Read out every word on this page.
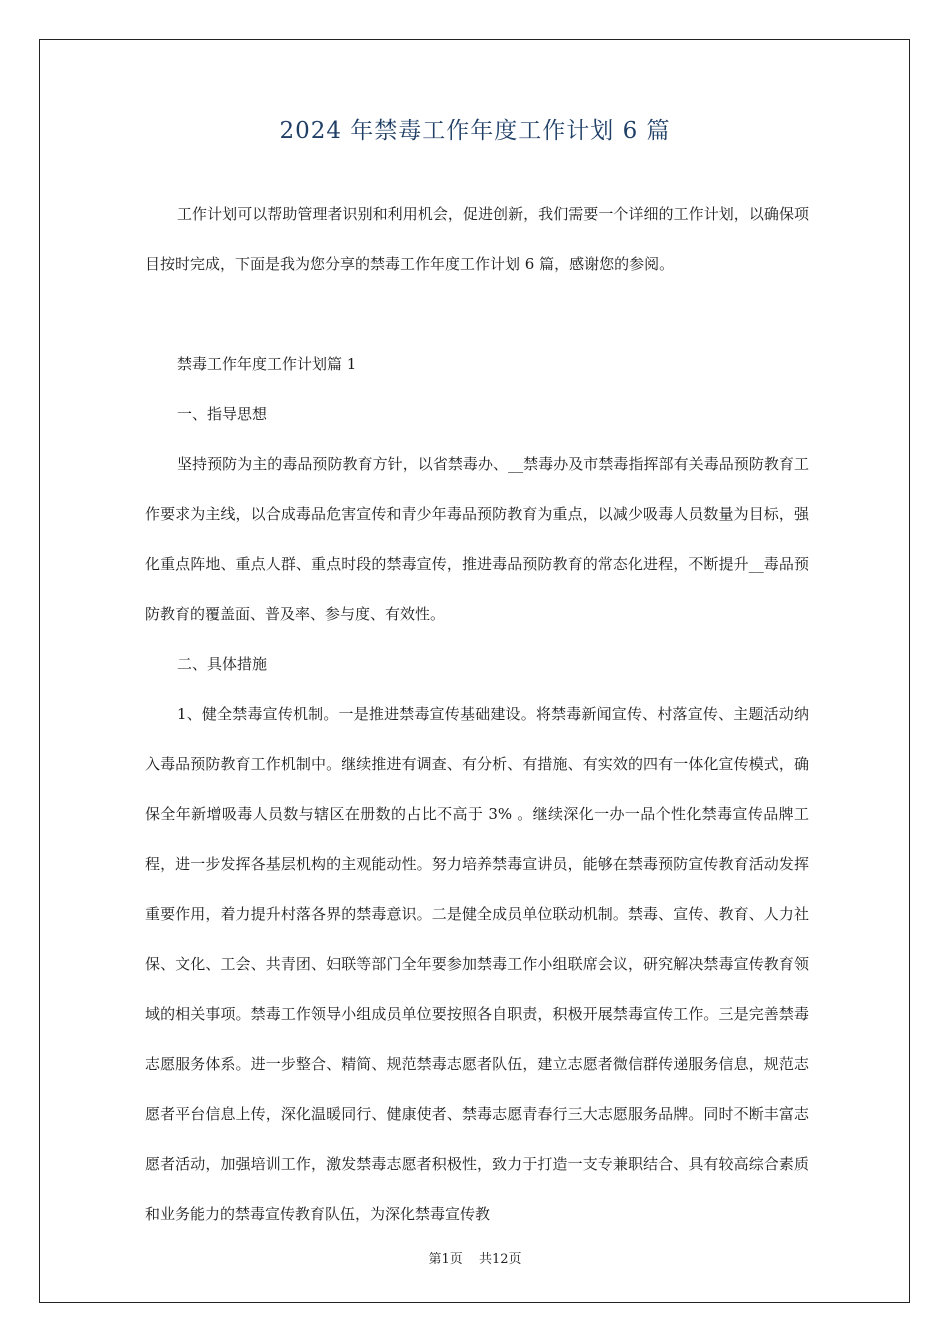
2024 年禁毒工作年度工作计划 6 篇

工作计划可以帮助管理者识别和利用机会，促进创新，我们需要一个详细的工作计划，以确保项目按时完成，下面是我为您分享的禁毒工作年度工作计划 6 篇，感谢您的参阅。

禁毒工作年度工作计划篇 1

一、指导思想

坚持预防为主的毒品预防教育方针，以省禁毒办、__禁毒办及市禁毒指挥部有关毒品预防教育工作要求为主线，以合成毒品危害宣传和青少年毒品预防教育为重点，以减少吸毒人员数量为目标，强化重点阵地、重点人群、重点时段的禁毒宣传，推进毒品预防教育的常态化进程，不断提升__毒品预防教育的覆盖面、普及率、参与度、有效性。

二、具体措施

1、健全禁毒宣传机制。一是推进禁毒宣传基础建设。将禁毒新闻宣传、村落宣传、主题活动纳入毒品预防教育工作机制中。继续推进有调查、有分析、有措施、有实效的四有一体化宣传模式，确保全年新增吸毒人员数与辖区在册数的占比不高于 3% 。继续深化一办一品个性化禁毒宣传品牌工程，进一步发挥各基层机构的主观能动性。努力培养禁毒宣讲员，能够在禁毒预防宣传教育活动发挥重要作用，着力提升村落各界的禁毒意识。二是健全成员单位联动机制。禁毒、宣传、教育、人力社保、文化、工会、共青团、妇联等部门全年要参加禁毒工作小组联席会议，研究解决禁毒宣传教育领域的相关事项。禁毒工作领导小组成员单位要按照各自职责，积极开展禁毒宣传工作。三是完善禁毒志愿服务体系。进一步整合、精简、规范禁毒志愿者队伍，建立志愿者微信群传递服务信息，规范志愿者平台信息上传，深化温暖同行、健康使者、禁毒志愿青春行三大志愿服务品牌。同时不断丰富志愿者活动，加强培训工作，激发禁毒志愿者积极性，致力于打造一支专兼职结合、具有较高综合素质和业务能力的禁毒宣传教育队伍，为深化禁毒宣传教

第1页 共12页
